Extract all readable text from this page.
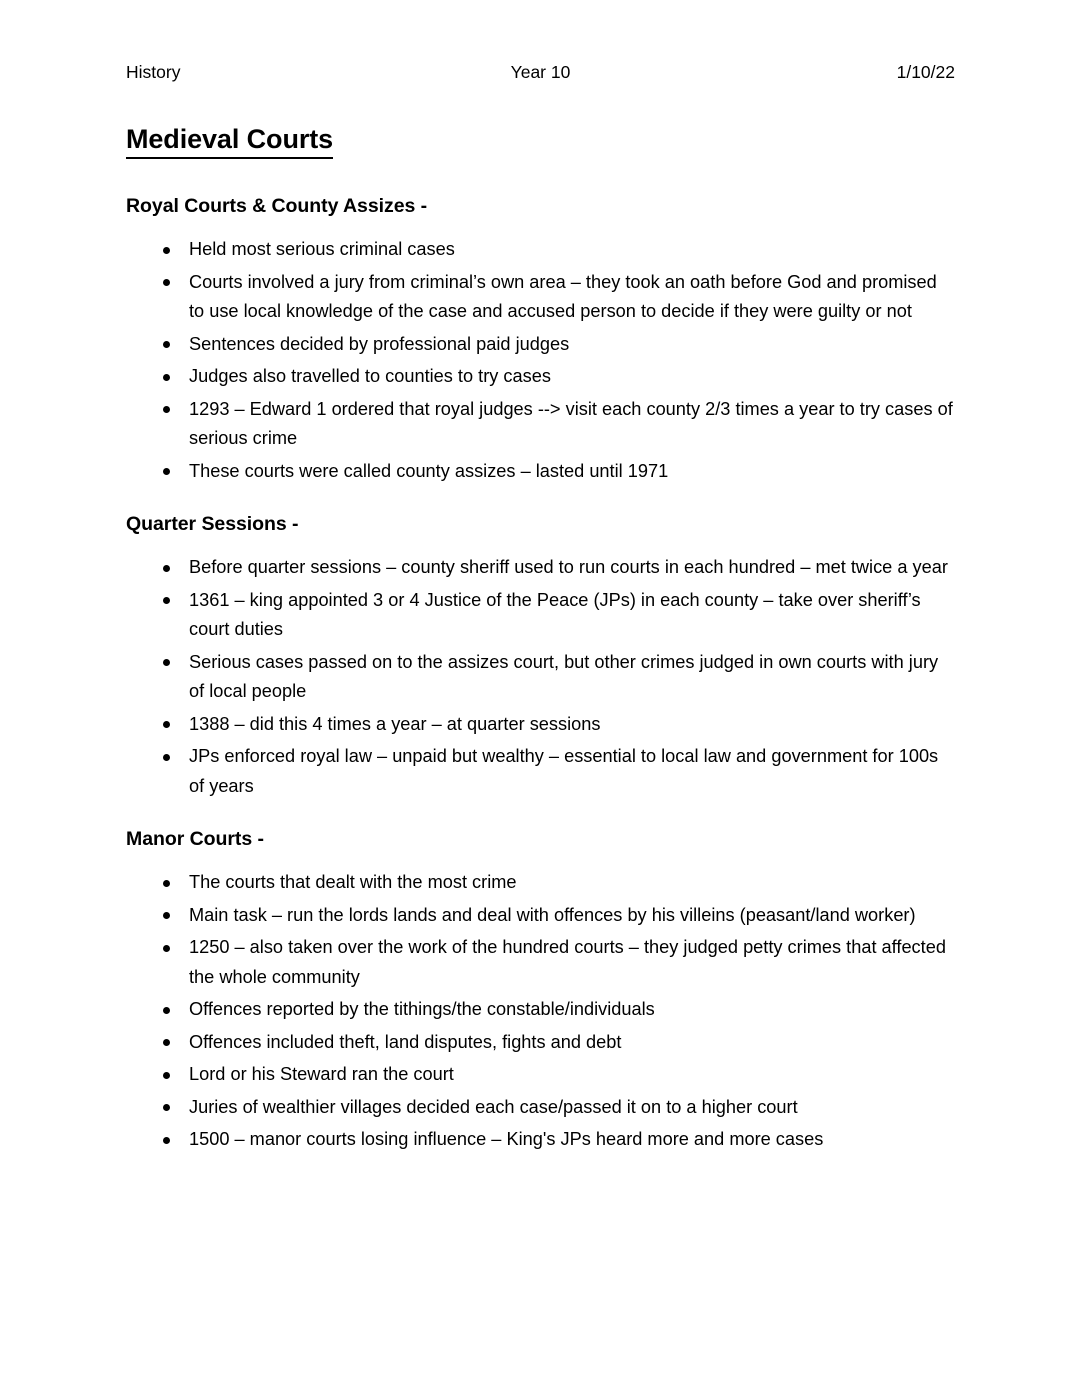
History	Year 10	1/10/22
Medieval Courts
Royal Courts & County Assizes -
Held most serious criminal cases
Courts involved a jury from criminal’s own area – they took an oath before God and promised to use local knowledge of the case and accused person to decide if they were guilty or not
Sentences decided by professional paid judges
Judges also travelled to counties to try cases
1293 – Edward 1 ordered that royal judges --> visit each county 2/3 times a year to try cases of serious crime
These courts were called county assizes – lasted until 1971
Quarter Sessions -
Before quarter sessions – county sheriff used to run courts in each hundred – met twice a year
1361 – king appointed 3 or 4 Justice of the Peace (JPs) in each county – take over sheriff’s court duties
Serious cases passed on to the assizes court, but other crimes judged in own courts with jury of local people
1388 – did this 4 times a year – at quarter sessions
JPs enforced royal law – unpaid but wealthy – essential to local law and government for 100s of years
Manor Courts -
The courts that dealt with the most crime
Main task – run the lords lands and deal with offences by his villeins (peasant/land worker)
1250 – also taken over the work of the hundred courts – they judged petty crimes that affected the whole community
Offences reported by the tithings/the constable/individuals
Offences included theft, land disputes, fights and debt
Lord or his Steward ran the court
Juries of wealthier villages decided each case/passed it on to a higher court
1500 – manor courts losing influence – King's JPs heard more and more cases
